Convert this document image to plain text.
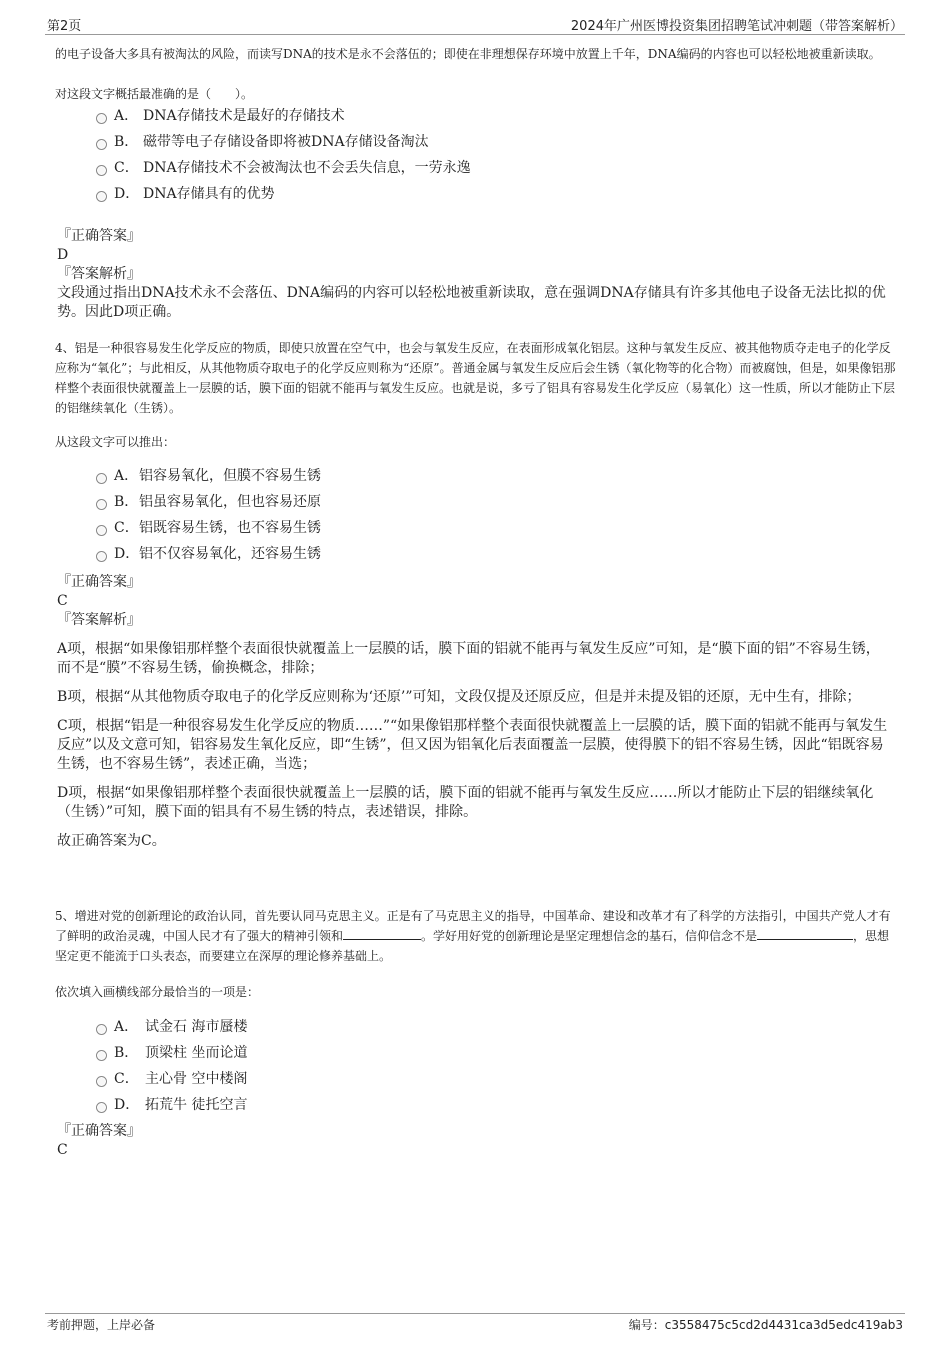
第2页	2024年广州医博投资集团招聘笔试冲刺题（带答案解析）
的电子设备大多具有被淘汰的风险，而读写DNA的技术是永不会落伍的；即使在非理想保存环境中放置上千年，DNA编码的内容也可以轻松地被重新读取。
对这段文字概括最准确的是（　　）。
A． DNA存储技术是最好的存储技术
B． 磁带等电子存储设备即将被DNA存储设备淘汰
C． DNA存储技术不会被淘汰也不会丢失信息，一劳永逸
D． DNA存储具有的优势

『正确答案』

D

『答案解析』

文段通过指出DNA技术永不会落伍、DNA编码的内容可以轻松地被重新读取，意在强调DNA存储具有许多其他电子设备无法比拟的优势。因此D项正确。

4、铝是一种很容易发生化学反应的物质，即使只放置在空气中，也会与氧发生反应，在表面形成氧化铝层。这种与氧发生反应、被其他物质夺走电子的化学反应称为“氧化”；与此相反，从其他物质夺取电子的化学反应则称为“还原”。普通金属与氧发生反应后会生锈（氧化物等的化合物）而被腐蚀，但是，如果像铝那样整个表面很快就覆盖上一层膜的话，膜下面的铝就不能再与氧发生反应。也就是说，多亏了铝具有容易发生化学反应（易氧化）这一性质，所以才能防止下层的铝继续氧化（生锈）。
从这段文字可以推出：
A． 铝容易氧化，但膜不容易生锈
B． 铝虽容易氧化，但也容易还原
C． 铝既容易生锈，也不容易生锈
D． 铝不仅容易氧化，还容易生锈

『正确答案』

C

『答案解析』

A项，根据“如果像铝那样整个表面很快就覆盖上一层膜的话，膜下面的铝就不能再与氧发生反应”可知，是“膜下面的铝”不容易生锈，而不是“膜”不容易生锈，偷换概念，排除；

B项，根据“从其他物质夺取电子的化学反应则称为‘还原’”可知，文段仅提及还原反应，但是并未提及铝的还原，无中生有，排除；

C项，根据“铝是一种很容易发生化学反应的物质……”“如果像铝那样整个表面很快就覆盖上一层膜的话，膜下面的铝就不能再与氧发生反应”以及文意可知，铝容易发生氧化反应，即“生锈”，但又因为铝氧化后表面覆盖一层膜，使得膜下的铝不容易生锈，因此“铝既容易生锈，也不容易生锈”，表述正确，当选；

D项，根据“如果像铝那样整个表面很快就覆盖上一层膜的话，膜下面的铝就不能再与氧发生反应……所以才能防止下层的铝继续氧化（生锈）”可知，膜下面的铝具有不易生锈的特点，表述错误，排除。

故正确答案为C。

5、增进对党的创新理论的政治认同，首先要认同马克思主义。正是有了马克思主义的指导，中国革命、建设和改革才有了科学的方法指引，中国共产党人才有了鲜明的政治灵魂，中国人民才有了强大的精神引领和	。学好用好党的创新理论是坚定理想信念的基石，信仰信念不是	，思想坚定更不能流于口头表态，而要建立在深厚的理论修养基础上。
依次填入画横线部分最恰当的一项是：
A． 试金石 海市蜃楼
B． 顶梁柱 坐而论道
C． 主心骨 空中楼阁
D． 拓荒牛 徒托空言

『正确答案』

C

考前押题，上岸必备	编号：c3558475c5cd2d4431ca3d5edc419ab3
